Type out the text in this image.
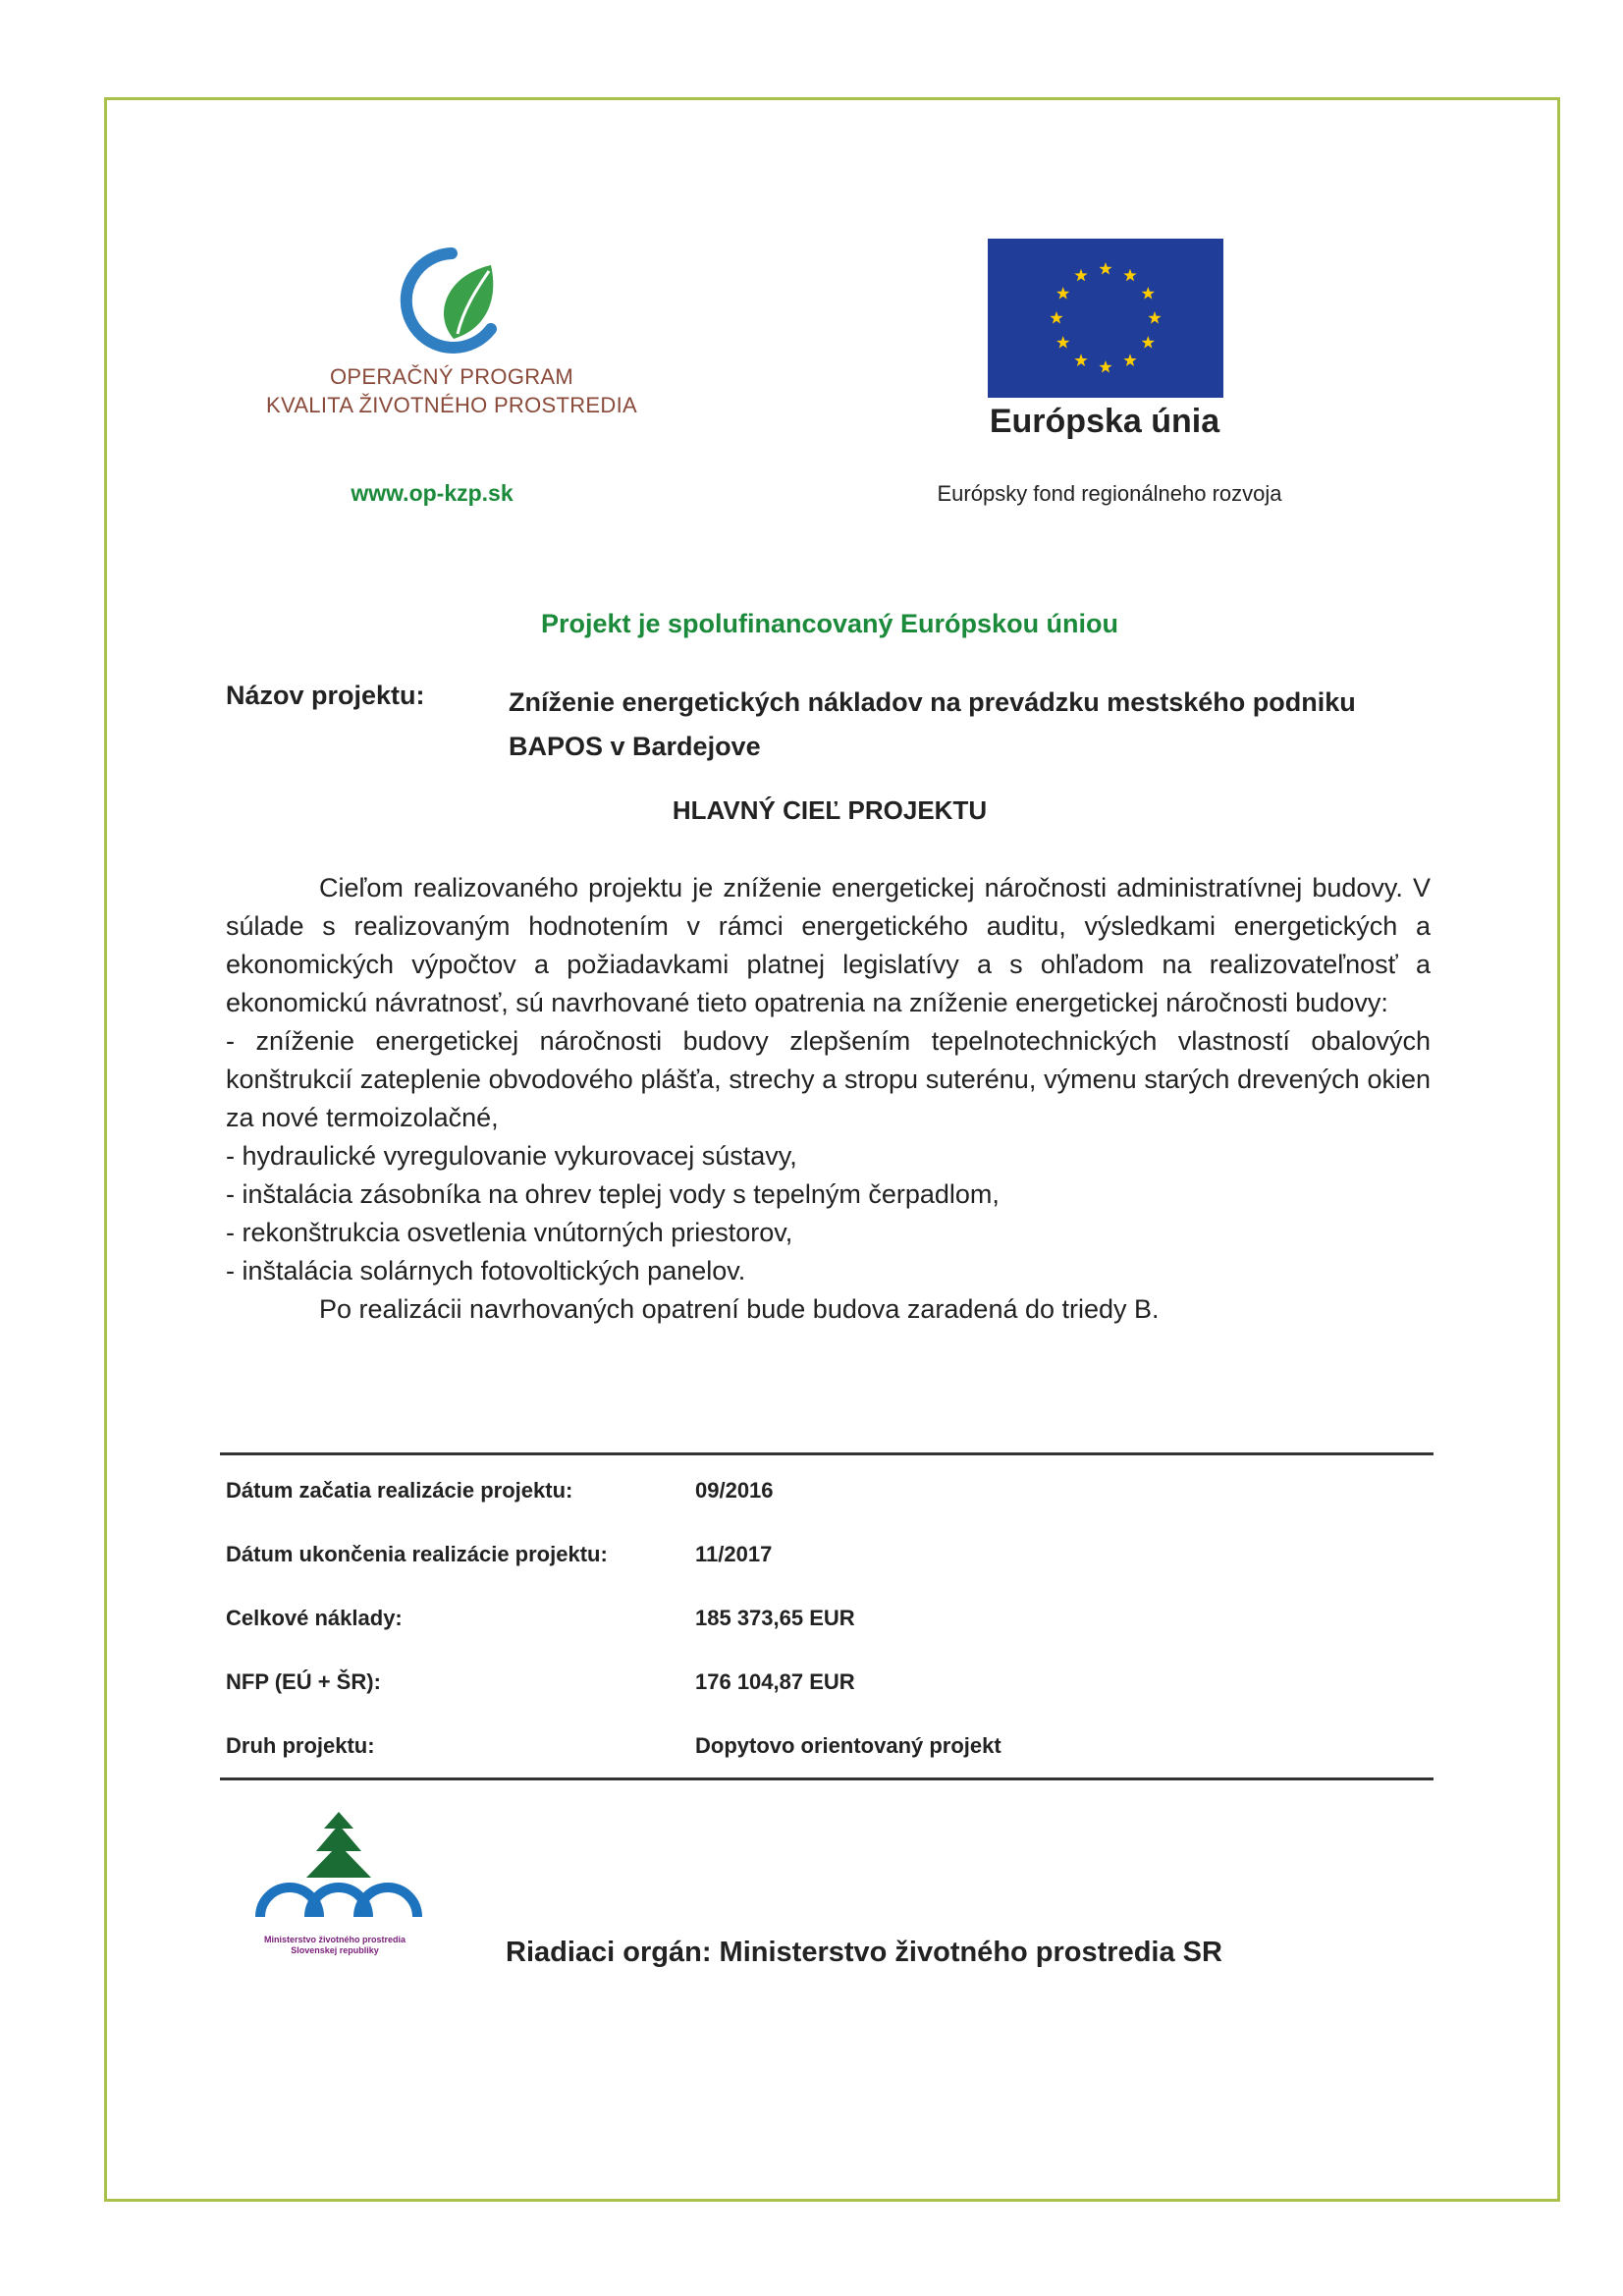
OPERAČNÝ PROGRAM
KVALITA ŽIVOTNÉHO PROSTREDIA
www.op-kzp.sk
Európska únia
Európsky fond regionálneho rozvoja
Projekt je spolufinancovaný Európskou úniou
Názov projektu:	Zníženie energetických nákladov na prevádzku mestského podniku BAPOS v Bardejove
HLAVNÝ CIEĽ PROJEKTU

Cieľom realizovaného projektu je zníženie energetickej náročnosti administratívnej budovy. V súlade s realizovaným hodnotením v rámci energetického auditu, výsledkami energetických a ekonomických výpočtov a požiadavkami platnej legislatívy a s ohľadom na realizovateľnosť a ekonomickú návratnosť, sú navrhované tieto opatrenia na zníženie energetickej náročnosti budovy:

- zníženie energetickej náročnosti budovy zlepšením tepelnotechnických vlastností obalových konštrukcií zateplenie obvodového plášťa, strechy a stropu suterénu, výmenu starých drevených okien za nové termoizolačné,

- hydraulické vyregulovanie vykurovacej sústavy,

- inštalácia zásobníka na ohrev teplej vody s tepelným čerpadlom,

- rekonštrukcia osvetlenia vnútorných priestorov,

- inštalácia solárnych fotovoltických panelov.

Po realizácii navrhovaných opatrení bude budova zaradená do triedy B.

Dátum začatia realizácie projektu:	09/2016
Dátum ukončenia realizácie projektu:	11/2017
Celkové náklady:	185 373,65 EUR
NFP (EÚ + ŠR):	176 104,87 EUR
Druh projektu:	Dopytovo orientovaný projekt
Ministerstvo životného prostredia
Slovenskej republiky	Riadiaci orgán: Ministerstvo životného prostredia SR
